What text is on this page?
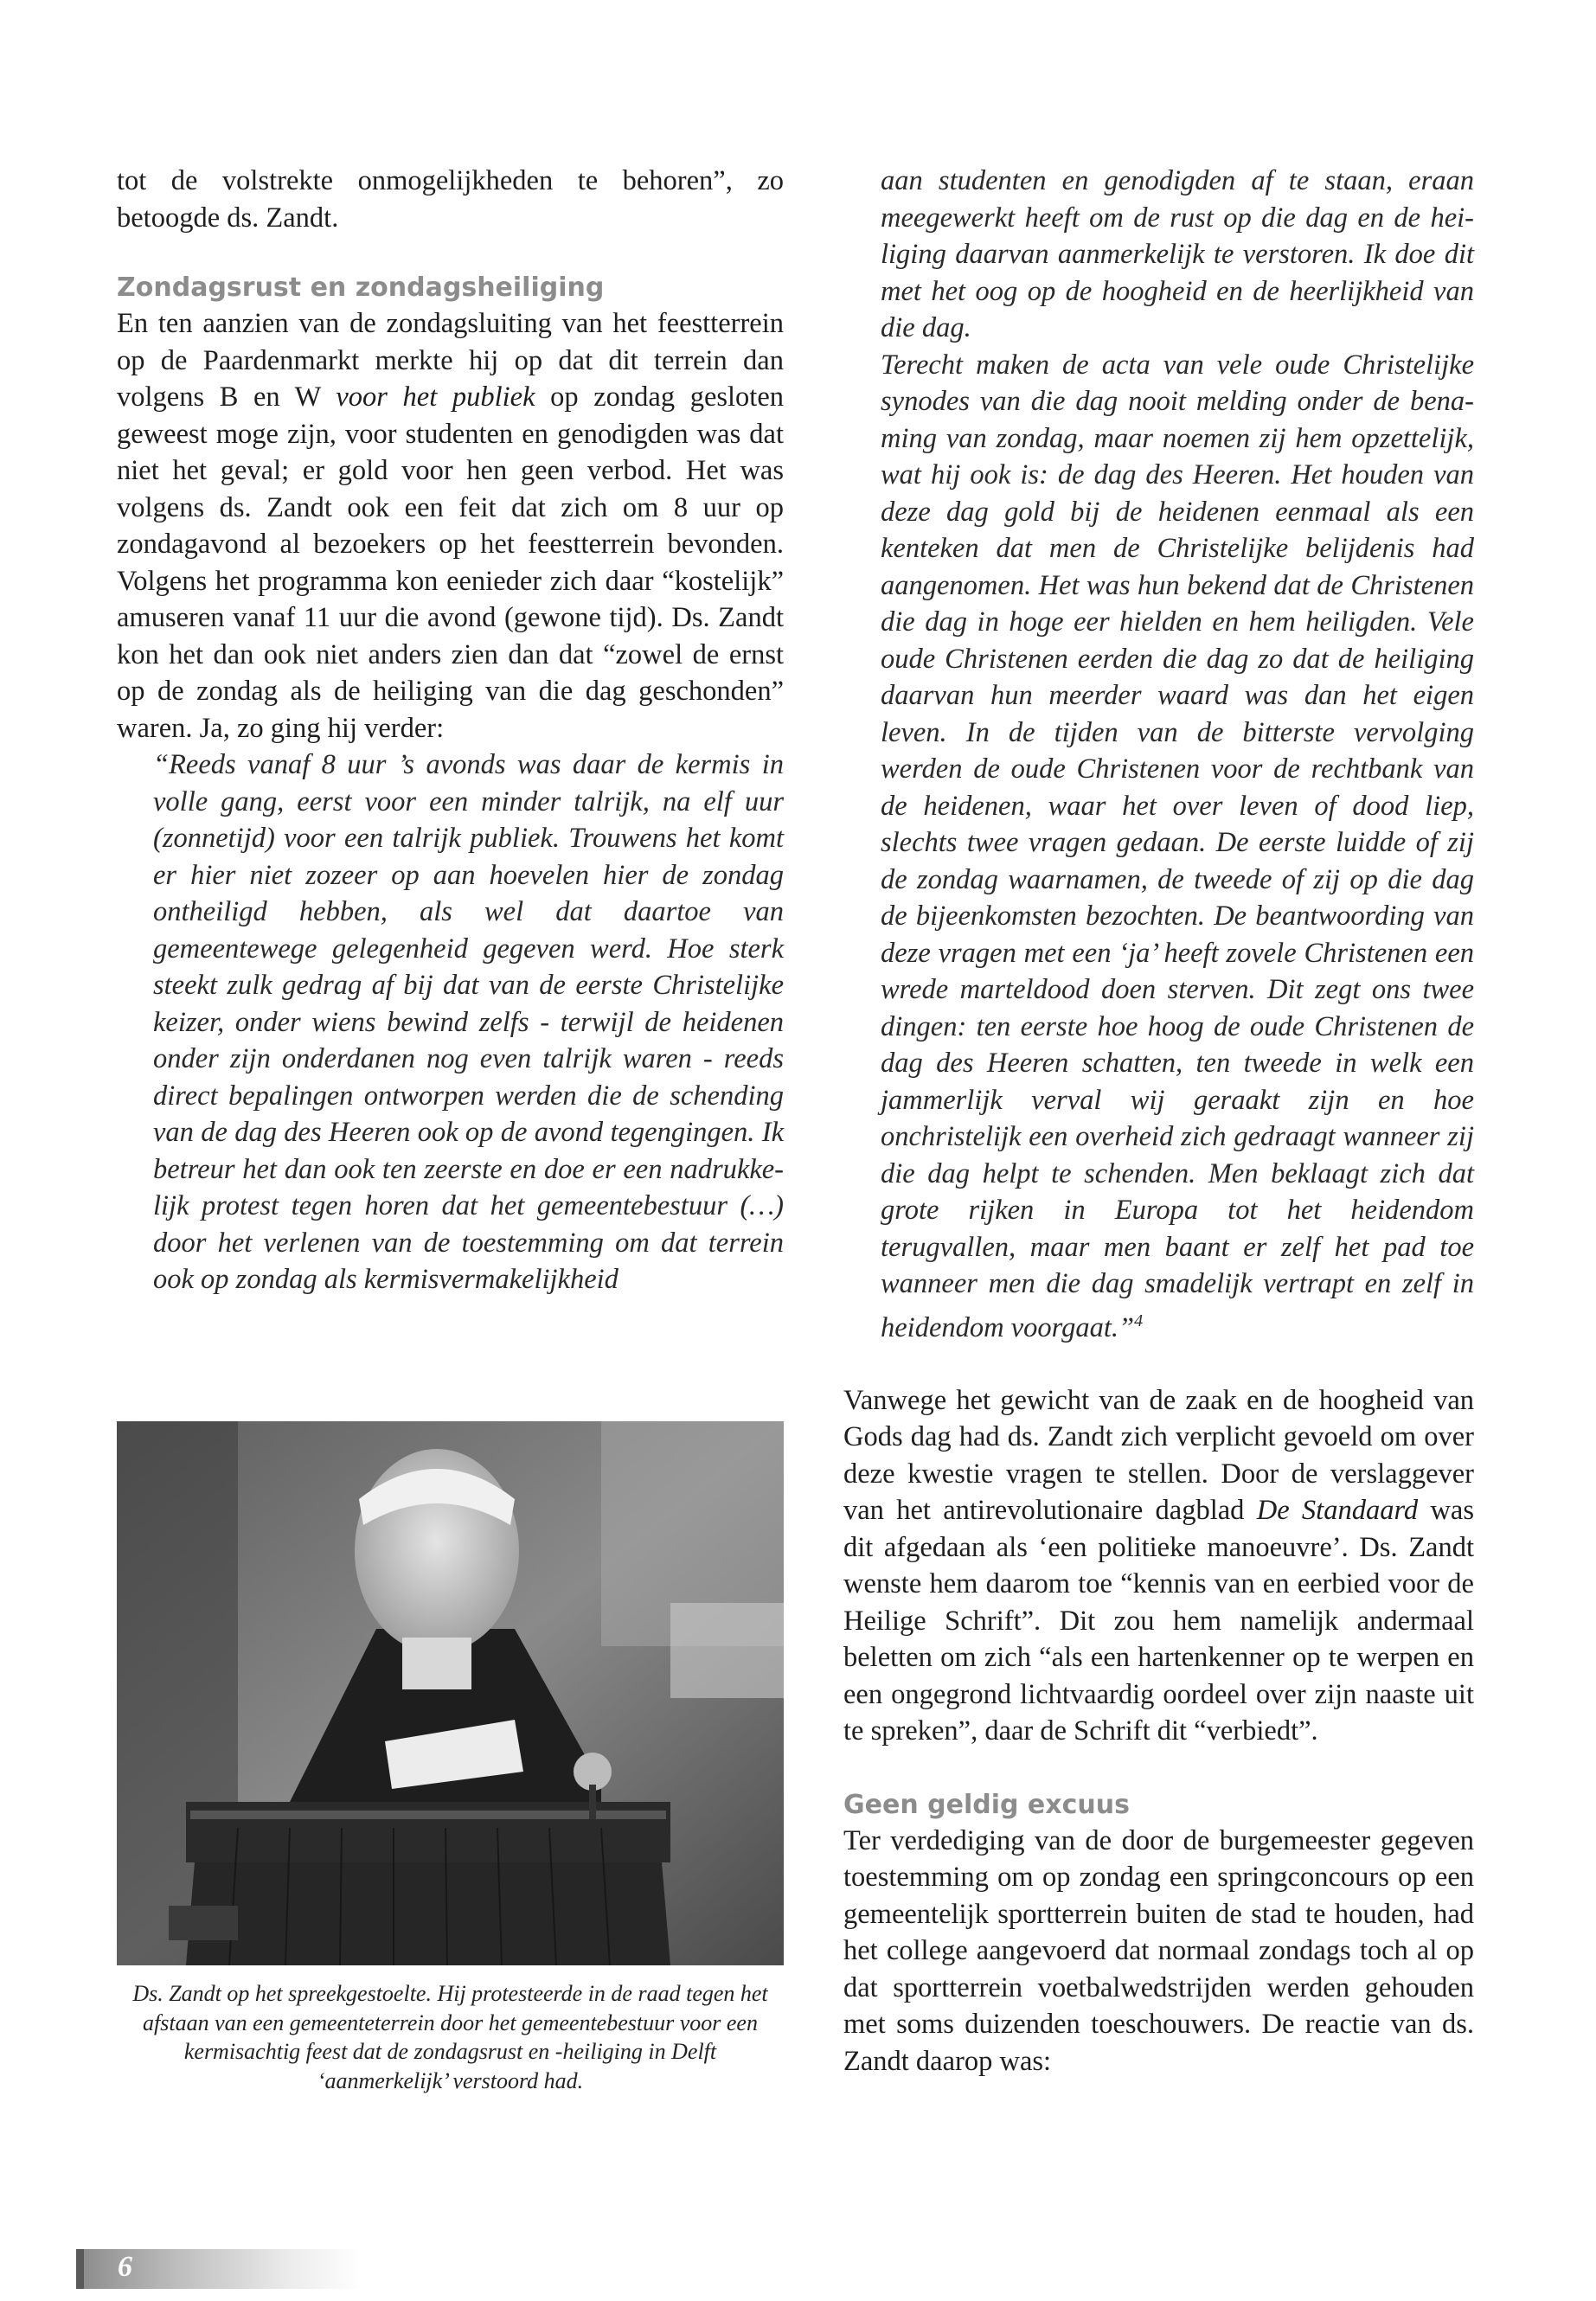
tot de volstrekte onmogelijkheden te behoren”, zo betoogde ds. Zandt.

Zondagsrust en zondagsheiliging

En ten aanzien van de zondagsluiting van het feestterrein op de Paardenmarkt merkte hij op dat dit terrein dan volgens B en W voor het publiek op zondag gesloten geweest moge zijn, voor studenten en genodigden was dat niet het geval; er gold voor hen geen verbod. Het was volgens ds. Zandt ook een feit dat zich om 8 uur op zondagavond al bezoekers op het feestterrein bevonden. Volgens het programma kon eenieder zich daar “kostelijk” amuseren vanaf 11 uur die avond (gewone tijd). Ds. Zandt kon het dan ook niet anders zien dan dat “zowel de ernst op de zondag als de heiliging van die dag geschonden” waren. Ja, zo ging hij verder:

“Reeds vanaf 8 uur ’s avonds was daar de kermis in volle gang, eerst voor een minder talrijk, na elf uur (zonnetijd) voor een talrijk publiek. Trouwens het komt er hier niet zozeer op aan hoevelen hier de zondag ontheiligd hebben, als wel dat daartoe van gemeentewege gelegenheid gegeven werd. Hoe sterk steekt zulk gedrag af bij dat van de eerste Christelijke keizer, onder wiens bewind zelfs - terwijl de heidenen onder zijn onderdanen nog even talrijk waren - reeds direct bepalingen ontworpen werden die de schending van de dag des Heeren ook op de avond tegengingen. Ik betreur het dan ook ten zeerste en doe er een nadrukkelijk protest tegen horen dat het gemeentebestuur (…) door het verlenen van de toestemming om dat terrein ook op zondag als kermisvermakelijkheid

Ds. Zandt op het spreekgestoelte. Hij protesteerde in de raad tegen het afstaan van een gemeenteterrein door het gemeentebestuur voor een kermisachtig feest dat de zondagsrust en -heiliging in Delft ‘aanmerkelijk’ verstoord had.

aan studenten en genodigden af te staan, eraan meegewerkt heeft om de rust op die dag en de heiliging daarvan aanmerkelijk te verstoren. Ik doe dit met het oog op de hoogheid en de heerlijkheid van die dag.

Terecht maken de acta van vele oude Christelijke synodes van die dag nooit melding onder de benaming van zondag, maar noemen zij hem opzettelijk, wat hij ook is: de dag des Heeren. Het houden van deze dag gold bij de heidenen eenmaal als een kenteken dat men de Christelijke belijdenis had aangenomen. Het was hun bekend dat de Christenen die dag in hoge eer hielden en hem heiligden. Vele oude Christenen eerden die dag zo dat de heiliging daarvan hun meerder waard was dan het eigen leven. In de tijden van de bitterste vervolging werden de oude Christenen voor de rechtbank van de heidenen, waar het over leven of dood liep, slechts twee vragen gedaan. De eerste luidde of zij de zondag waarnamen, de tweede of zij op die dag de bijeenkomsten bezochten. De beantwoording van deze vragen met een ‘ja’ heeft zovele Christenen een wrede marteldood doen sterven. Dit zegt ons twee dingen: ten eerste hoe hoog de oude Christenen de dag des Heeren schatten, ten tweede in welk een jammerlijk verval wij geraakt zijn en hoe onchristelijk een overheid zich gedraagt wanneer zij die dag helpt te schenden. Men beklaagt zich dat grote rijken in Europa tot het heidendom terugvallen, maar men baant er zelf het pad toe wanneer men die dag smadelijk vertrapt en zelf in heidendom voorgaat.”$^4$

Vanwege het gewicht van de zaak en de hoogheid van Gods dag had ds. Zandt zich verplicht gevoeld om over deze kwestie vragen te stellen. Door de verslaggever van het antirevolutionaire dagblad De Standaard was dit afgedaan als ‘een politieke manoeuvre’. Ds. Zandt wenste hem daarom toe “kennis van en eerbied voor de Heilige Schrift”. Dit zou hem namelijk andermaal beletten om zich “als een hartenkenner op te werpen en een ongegrond lichtvaardig oordeel over zijn naaste uit te spreken”, daar de Schrift dit “verbiedt”.

Geen geldig excuus

Ter verdediging van de door de burgemeester gegeven toestemming om op zondag een springconcours op een gemeentelijk sportterrein buiten de stad te houden, had het college aangevoerd dat normaal zondags toch al op dat sportterrein voetbalwedstrijden werden gehouden met soms duizenden toeschouwers. De reactie van ds. Zandt daarop was:

6
